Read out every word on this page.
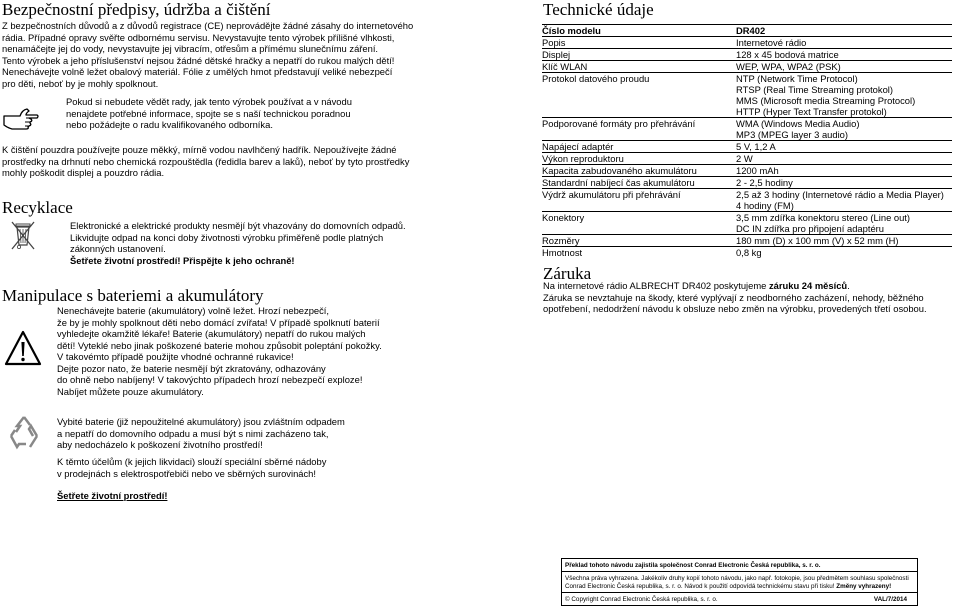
Bezpečnostní předpisy, údržba a čištění
Z bezpečnostních důvodů a z důvodů registrace (CE) neprovádějte žádné zásahy do internetového
rádia. Případné opravy svěřte odbornému servisu. Nevystavujte tento výrobek přílišné vlhkosti,
nenamáčejte jej do vody, nevystavujte jej vibracím, otřesům a přímému slunečnímu záření.
Tento výrobek a jeho příslušenství nejsou žádné dětské hračky a nepatří do rukou malých dětí!
Nenechávejte volně ležet obalový materiál. Fólie z umělých hmot představují veliké nebezpečí
pro děti, neboť by je mohly spolknout.
Pokud si nebudete vědět rady, jak tento výrobek používat a v návodu
nenajdete potřebné informace, spojte se s naší technickou poradnou
nebo požádejte o radu kvalifikovaného odborníka.
K čištění pouzdra používejte pouze měkký, mírně vodou navlhčený hadřík. Nepoužívejte žádné
prostředky na drhnutí nebo chemická rozpouštědla (ředidla barev a laků), neboť by tyto prostředky
mohly poškodit displej a pouzdro rádia.
Recyklace
Elektronické a elektrické produkty nesmějí být vhazovány do domovních odpadů.
Likvidujte odpad na konci doby životnosti výrobku přiměřeně podle platných
zákonných ustanovení.
Šetřete životní prostředí! Přispějte k jeho ochraně!
Manipulace s bateriemi a akumulátory
Nenechávejte baterie (akumulátory) volně ležet. Hrozí nebezpečí,
že by je mohly spolknout děti nebo domácí zvířata! V případě spolknutí baterií
vyhledejte okamžitě lékaře! Baterie (akumulátory) nepatří do rukou malých
dětí! Vyteklé nebo jinak poškozené baterie mohou způsobit poleptání pokožky.
V takovémto případě použijte vhodné ochranné rukavice!
Dejte pozor nato, že baterie nesmějí být zkratovány, odhazovány
do ohně nebo nabíjeny! V takovýchto případech hrozí nebezpečí exploze!
Nabíjet můžete pouze akumulátory.
Vybité baterie (již nepoužitelné akumulátory) jsou zvláštním odpadem
a nepatří do domovního odpadu a musí být s nimi zacházeno tak,
aby nedocházelo k poškození životního prostředí!
K těmto účelům (k jejich likvidaci) slouží speciální sběrné nádoby
v prodejnách s elektrospotřebiči nebo ve sběrných surovinách!
Šetřete životní prostředí!
Technické údaje
Číslo modelu	DR402
Popis	Internetové rádio
Displej	128 x 45 bodová matrice
Klíč WLAN	WEP, WPA, WPA2 (PSK)
Protokol datového proudu	NTP (Network Time Protocol)
RTSP (Real Time Streaming protokol)
MMS (Microsoft media Streaming Protocol)
HTTP (Hyper Text Transfer protokol)
Podporované formáty pro přehrávání	WMA (Windows Media Audio)
MP3 (MPEG layer 3 audio)
Napájecí adaptér	5 V, 1,2 A
Výkon reproduktoru	2 W
Kapacita zabudovaného akumulátoru	1200 mAh
Standardní nabíjecí čas akumulátoru	2 - 2,5 hodiny
Výdrž akumulátoru při přehrávání	2,5 až 3 hodiny (Internetové rádio a Media Player)
4 hodiny (FM)
Konektory	3,5 mm zdířka konektoru stereo (Line out)
DC IN zdířka pro připojení adaptéru
Rozměry	180 mm (D) x 100 mm (V) x 52 mm (H)
Hmotnost	0,8 kg
Záruka
Na internetové rádio ALBRECHT DR402 poskytujeme záruku 24 měsíců.
Záruka se nevztahuje na škody, které vyplývají z neodborného zacházení, nehody, běžného
opotřebení, nedodržení návodu k obsluze nebo změn na výrobku, provedených třetí osobou.
Překlad tohoto návodu zajistila společnost Conrad Electronic Česká republika, s. r. o.
Všechna práva vyhrazena. Jakékoliv druhy kopií tohoto návodu, jako např. fotokopie, jsou předmětem souhlasu společnosti
Conrad Electronic Česká republika, s. r. o. Návod k použití odpovídá technickému stavu při tisku! Změny vyhrazeny!
© Copyright Conrad Electronic Česká republika, s. r. o.	VAL/7/2014
